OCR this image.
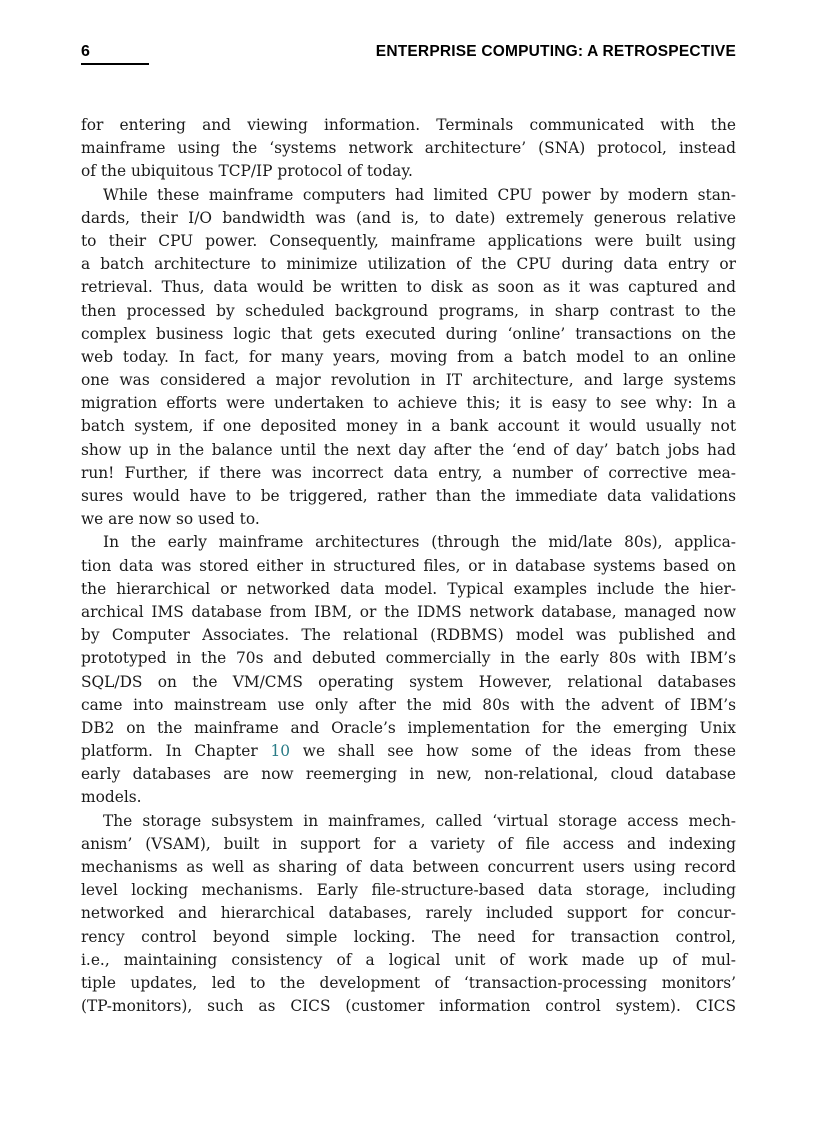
6	ENTERPRISE COMPUTING: A RETROSPECTIVE
for entering and viewing information. Terminals communicated with the
mainframe using the ‘systems network architecture’ (SNA) protocol, instead
of the ubiquitous TCP/IP protocol of today.
While these mainframe computers had limited CPU power by modern stan-
dards, their I/O bandwidth was (and is, to date) extremely generous relative
to their CPU power. Consequently, mainframe applications were built using
a batch architecture to minimize utilization of the CPU during data entry or
retrieval. Thus, data would be written to disk as soon as it was captured and
then processed by scheduled background programs, in sharp contrast to the
complex business logic that gets executed during ‘online’ transactions on the
web today. In fact, for many years, moving from a batch model to an online
one was considered a major revolution in IT architecture, and large systems
migration efforts were undertaken to achieve this; it is easy to see why: In a
batch system, if one deposited money in a bank account it would usually not
show up in the balance until the next day after the ‘end of day’ batch jobs had
run! Further, if there was incorrect data entry, a number of corrective mea-
sures would have to be triggered, rather than the immediate data validations
we are now so used to.
In the early mainframe architectures (through the mid/late 80s), applica-
tion data was stored either in structured files, or in database systems based on
the hierarchical or networked data model. Typical examples include the hier-
archical IMS database from IBM, or the IDMS network database, managed now
by Computer Associates. The relational (RDBMS) model was published and
prototyped in the 70s and debuted commercially in the early 80s with IBM’s
SQL/DS on the VM/CMS operating system However, relational databases
came into mainstream use only after the mid 80s with the advent of IBM’s
DB2 on the mainframe and Oracle’s implementation for the emerging Unix
platform. In Chapter 10 we shall see how some of the ideas from these
early databases are now reemerging in new, non-relational, cloud database
models.
The storage subsystem in mainframes, called ‘virtual storage access mech-
anism’ (VSAM), built in support for a variety of file access and indexing
mechanisms as well as sharing of data between concurrent users using record
level locking mechanisms. Early file-structure-based data storage, including
networked and hierarchical databases, rarely included support for concur-
rency control beyond simple locking. The need for transaction control,
i.e., maintaining consistency of a logical unit of work made up of mul-
tiple updates, led to the development of ‘transaction-processing monitors’
(TP-monitors), such as CICS (customer information control system). CICS
